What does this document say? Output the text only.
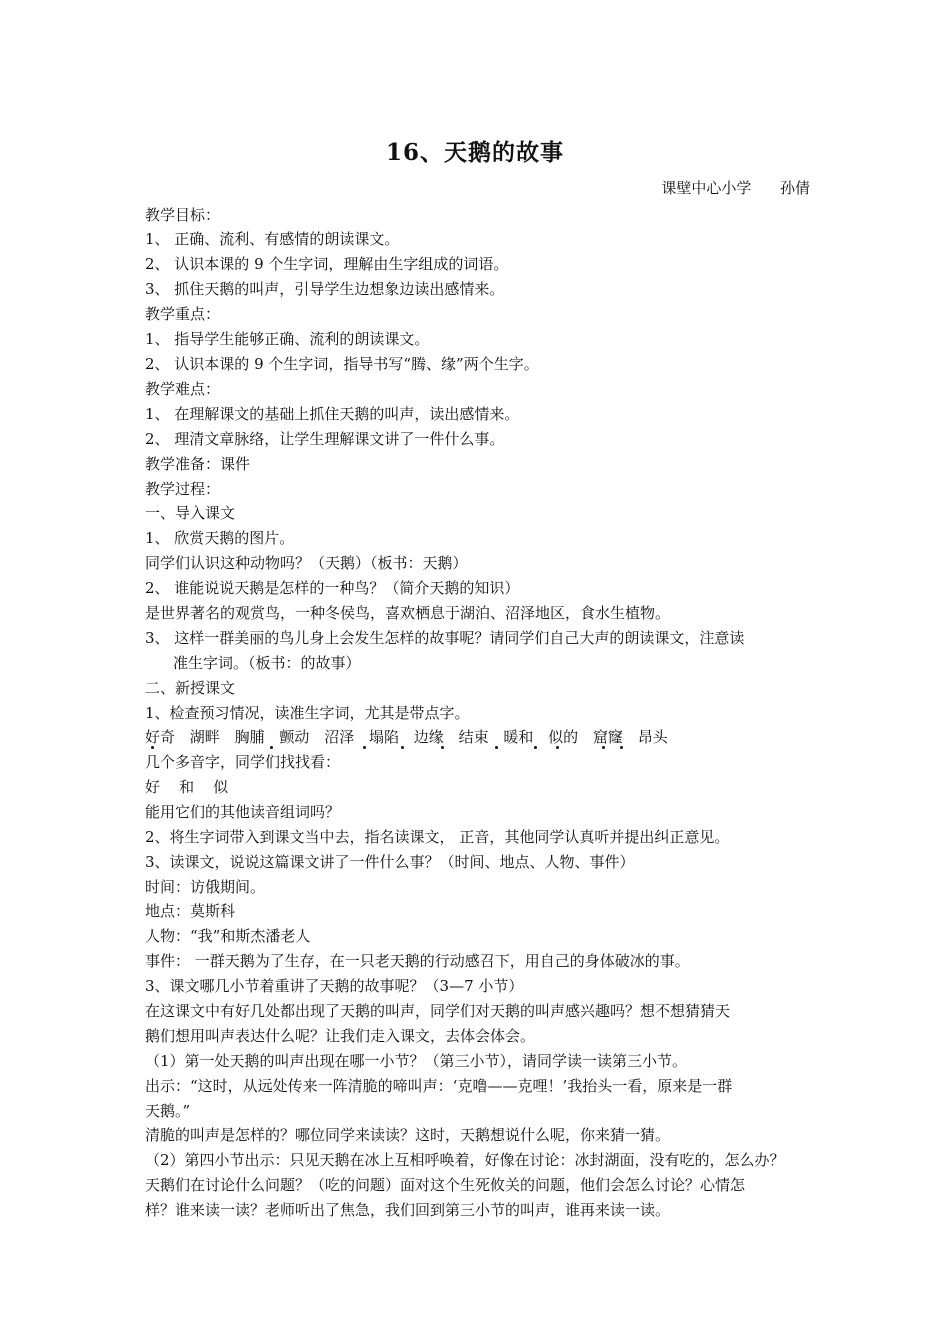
16、天鹅的故事
课壁中心小学      孙倩
教学目标：
1、 正确、流利、有感情的朗读课文。
2、 认识本课的 9 个生字词，理解由生字组成的词语。
3、 抓住天鹅的叫声，引导学生边想象边读出感情来。
教学重点：
1、 指导学生能够正确、流利的朗读课文。
2、 认识本课的 9 个生字词，指导书写“腾、缘”两个生字。
教学难点：
1、 在理解课文的基础上抓住天鹅的叫声，读出感情来。
2、 理清文章脉络，让学生理解课文讲了一件什么事。
教学准备：课件
教学过程：
一、导入课文
1、 欣赏天鹅的图片。
同学们认识这种动物吗？（天鹅）（板书：天鹅）
2、 谁能说说天鹅是怎样的一种鸟？（简介天鹅的知识）
是世界著名的观赏鸟，一种冬侯鸟，喜欢栖息于湖泊、沼泽地区，食水生植物。
3、 这样一群美丽的鸟儿身上会发生怎样的故事呢？请同学们自己大声的朗读课文，注意读
准生字词。（板书：的故事）
二、新授课文
1、检查预习情况，读准生字词，尤其是带点字。
好奇 湖畔 胸脯 颤动 沼泽 塌陷 边缘 结束 暖和 似的 窟窿 昂头
几个多音字，同学们找找看：
好    和    似
能用它们的其他读音组词吗？
2、将生字词带入到课文当中去，指名读课文， 正音，其他同学认真听并提出纠正意见。
3、读课文，说说这篇课文讲了一件什么事？（时间、地点、人物、事件）
时间：访俄期间。
地点：莫斯科
人物：“我”和斯杰潘老人
事件： 一群天鹅为了生存，在一只老天鹅的行动感召下，用自己的身体破冰的事。
3、课文哪几小节着重讲了天鹅的故事呢？（3—7 小节）
在这课文中有好几处都出现了天鹅的叫声，同学们对天鹅的叫声感兴趣吗？想不想猜猜天
鹅们想用叫声表达什么呢？让我们走入课文，去体会体会。
（1）第一处天鹅的叫声出现在哪一小节？（第三小节），请同学读一读第三小节。
出示：“这时，从远处传来一阵清脆的啼叫声：‘克噜——克哩！’我抬头一看，原来是一群
天鹅。”
清脆的叫声是怎样的？哪位同学来读读？这时，天鹅想说什么呢，你来猜一猜。
（2）第四小节出示：只见天鹅在冰上互相呼唤着，好像在讨论：冰封湖面，没有吃的，怎么办？
天鹅们在讨论什么问题？（吃的问题）面对这个生死攸关的问题，他们会怎么讨论？心情怎
样？谁来读一读？老师听出了焦急，我们回到第三小节的叫声，谁再来读一读。
